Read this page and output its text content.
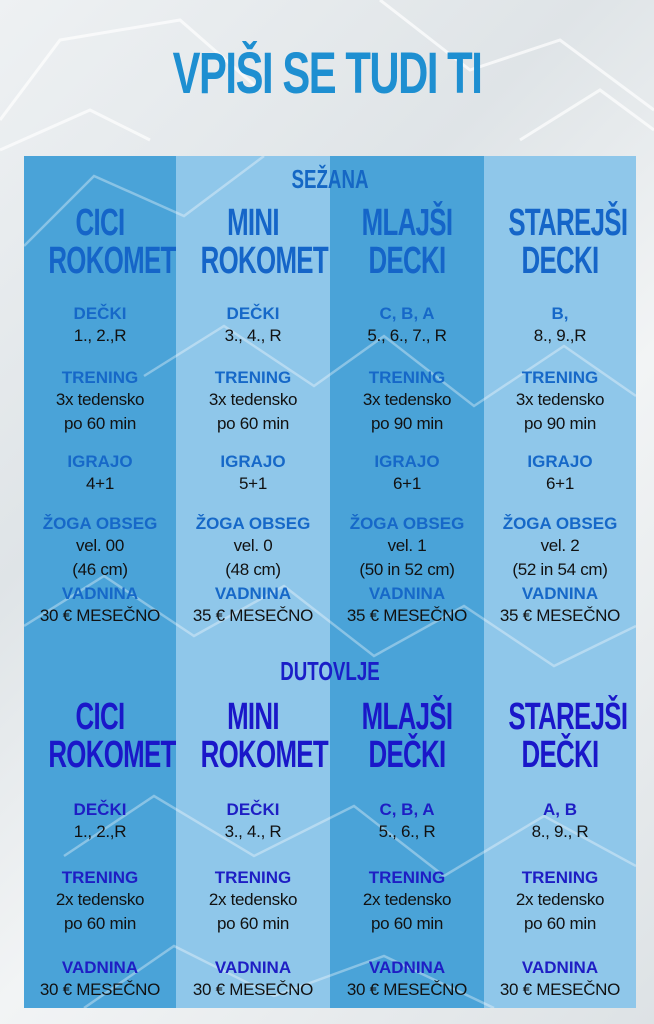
VPIŠI SE TUDI TI
SEŽANA
DUTOVLJE
CICI
ROKOMET
DEČKI
1., 2.,R
TRENING
3x tedensko
po 60 min
IGRAJO
4+1
ŽOGA OBSEG
vel. 00
(46 cm)
VADNINA
30 € MESEČNO
MINI
ROKOMET
DEČKI
3., 4., R
TRENING
3x tedensko
po 60 min
IGRAJO
5+1
ŽOGA OBSEG
vel. 0
(48 cm)
VADNINA
35 € MESEČNO
MLAJŠI
DECKI
C, B, A
5., 6., 7., R
TRENING
3x tedensko
po 90 min
IGRAJO
6+1
ŽOGA OBSEG
vel. 1
(50 in 52 cm)
VADNINA
35 € MESEČNO
STAREJŠI
DECKI
B,
8., 9.,R
TRENING
3x tedensko
po 90 min
IGRAJO
6+1
ŽOGA OBSEG
vel. 2
(52 in 54 cm)
VADNINA
35 € MESEČNO
CICI
ROKOMET
DEČKI
1., 2.,R
TRENING
2x tedensko
po 60 min
VADNINA
30 € MESEČNO
MINI
ROKOMET
DEČKI
3., 4., R
TRENING
2x tedensko
po 60 min
VADNINA
30 € MESEČNO
MLAJŠI
DEČKI
C, B, A
5., 6., R
TRENING
2x tedensko
po 60 min
VADNINA
30 € MESEČNO
STAREJŠI
DEČKI
A, B
8., 9., R
TRENING
2x tedensko
po 60 min
VADNINA
30 € MESEČNO
